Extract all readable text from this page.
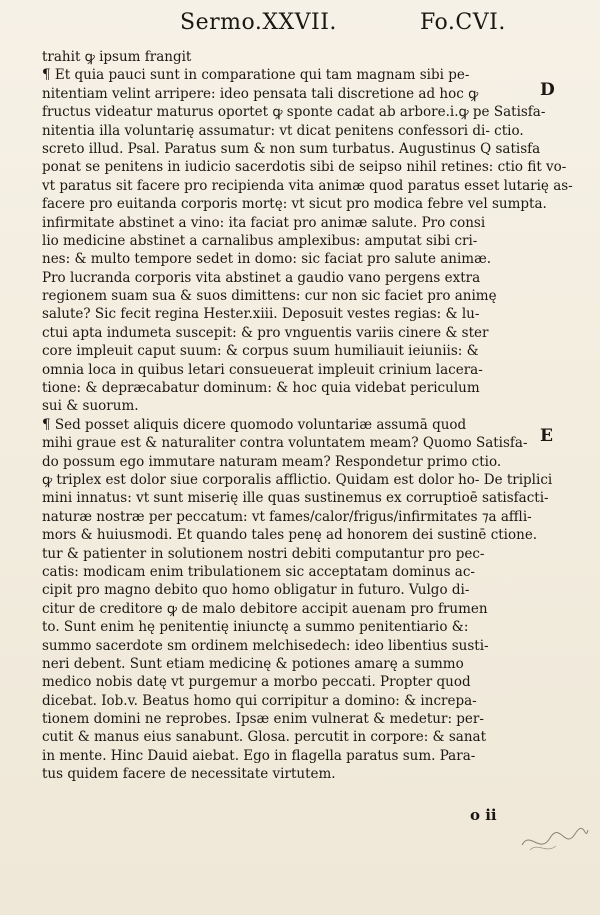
Sermo.XXVII.	Fo.CVI.
trahit ꝙ ipsum frangit
¶ Et quia pauci sunt in comparatione qui tam magnam sibi pe-
nitentiam velint arripere: ideo pensata tali discretione ad hoc ꝙ
fructus videatur maturus oportet ꝙ sponte cadat ab arbore.i.ꝙ pe Satisfa-
nitentia illa voluntarię assumatur: vt dicat penitens confessori di- ctio.
screto illud. Psal. Paratus sum & non sum turbatus. Augustinus Q satisfa
ponat se penitens in iudicio sacerdotis sibi de seipso nihil retines: ctio fit vo-
vt paratus sit facere pro recipienda vita animæ quod paratus esset lutarię as-
facere pro euitanda corporis mortę: vt sicut pro modica febre vel sumpta.
infirmitate abstinet a vino: ita faciat pro animæ salute. Pro consi
lio medicine abstinet a carnalibus amplexibus: amputat sibi cri-
nes: & multo tempore sedet in domo: sic faciat pro salute animæ.
Pro lucranda corporis vita abstinet a gaudio vano pergens extra
regionem suam sua & suos dimittens: cur non sic faciet pro animę
salute? Sic fecit regina Hester.xiii. Deposuit vestes regias: & lu-
ctui apta indumeta suscepit: & pro vnguentis variis cinere & ster
core impleuit caput suum: & corpus suum humiliauit ieiuniis: &
omnia loca in quibus letari consueuerat impleuit crinium lacera-
tione: & depræcabatur dominum: & hoc quia videbat periculum
sui & suorum.
¶ Sed posset aliquis dicere quomodo voluntariæ assumā quod
mihi graue est & naturaliter contra voluntatem meam? Quomo Satisfa-
do possum ego immutare naturam meam? Respondetur primo ctio.
ꝙ triplex est dolor siue corporalis afflictio. Quidam est dolor ho- De triplici
mini innatus: vt sunt miserię ille quas sustinemus ex corruptioē satisfacti-
naturæ nostræ per peccatum: vt fames/calor/frigus/infirmitates ⁊a affli-
mors & huiusmodi. Et quando tales penę ad honorem dei sustinē ctione.
tur & patienter in solutionem nostri debiti computantur pro pec-
catis: modicam enim tribulationem sic acceptatam dominus ac-
cipit pro magno debito quo homo obligatur in futuro. Vulgo di-
citur de creditore ꝙ de malo debitore accipit auenam pro frumen
to. Sunt enim hę penitentię iniunctę a summo penitentiario &:
summo sacerdote sm ordinem melchisedech: ideo libentius susti-
neri debent. Sunt etiam medicinę & potiones amarę a summo
medico nobis datę vt purgemur a morbo peccati. Propter quod
dicebat. Iob.v. Beatus homo qui corripitur a domino: & increpa-
tionem domini ne reprobes. Ipsæ enim vulnerat & medetur: per-
cutit & manus eius sanabunt. Glosa. percutit in corpore: & sanat
in mente. Hinc Dauid aiebat. Ego in flagella paratus sum. Para-
tus quidem facere de necessitate virtutem.
D
E
o ii
